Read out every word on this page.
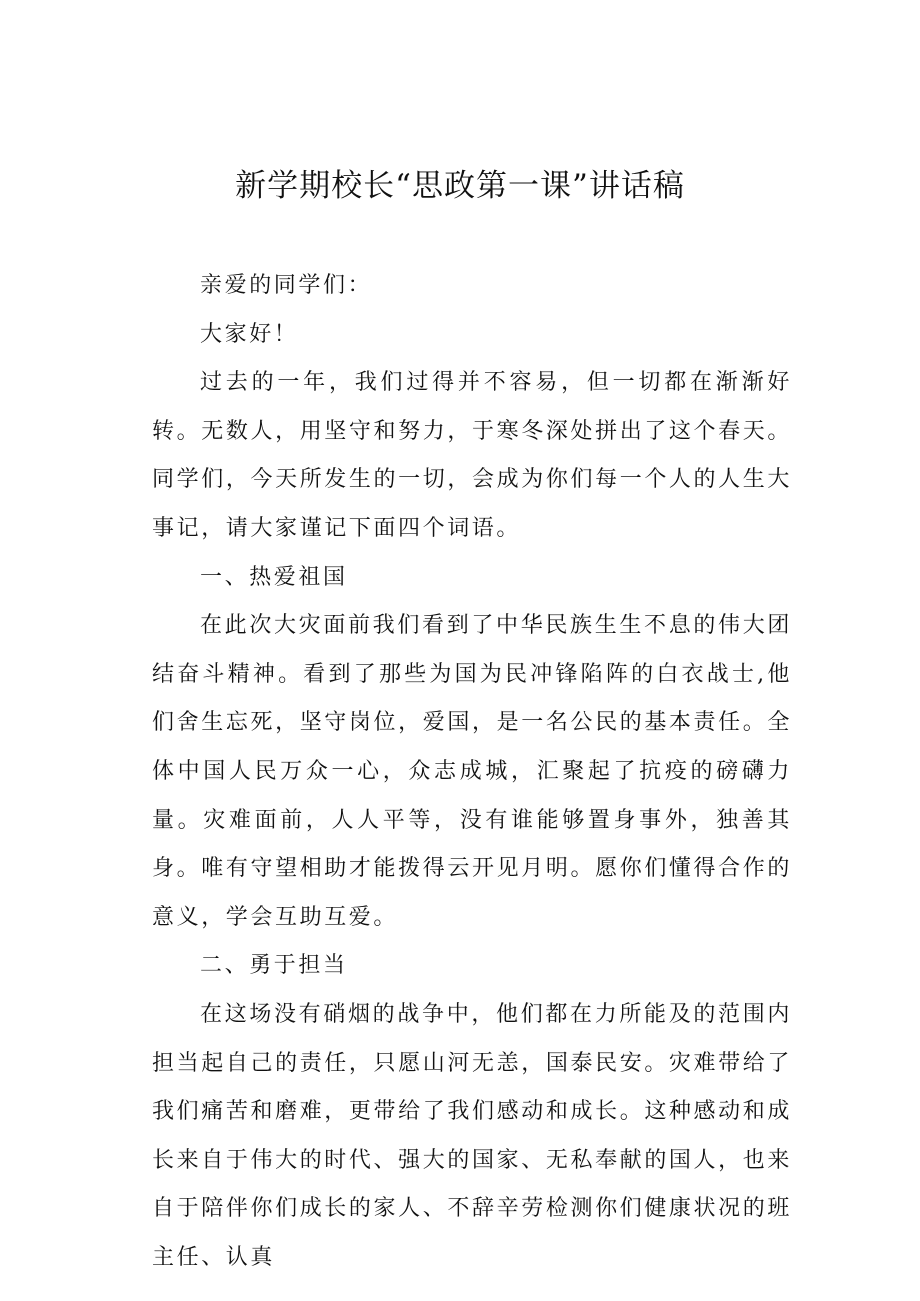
新学期校长“思政第一课”讲话稿

亲爱的同学们：

大家好！

过去的一年，我们过得并不容易，但一切都在渐渐好转。无数人，用坚守和努力，于寒冬深处拼出了这个春天。同学们，今天所发生的一切，会成为你们每一个人的人生大事记，请大家谨记下面四个词语。

一、热爱祖国

在此次大灾面前我们看到了中华民族生生不息的伟大团结奋斗精神。看到了那些为国为民冲锋陷阵的白衣战士,他们舍生忘死，坚守岗位，爱国，是一名公民的基本责任。全体中国人民万众一心，众志成城，汇聚起了抗疫的磅礴力量。灾难面前，人人平等，没有谁能够置身事外，独善其身。唯有守望相助才能拨得云开见月明。愿你们懂得合作的意义，学会互助互爱。

二、勇于担当

在这场没有硝烟的战争中，他们都在力所能及的范围内担当起自己的责任，只愿山河无恙，国泰民安。灾难带给了我们痛苦和磨难，更带给了我们感动和成长。这种感动和成长来自于伟大的时代、强大的国家、无私奉献的国人，也来自于陪伴你们成长的家人、不辞辛劳检测你们健康状况的班主任、认真
